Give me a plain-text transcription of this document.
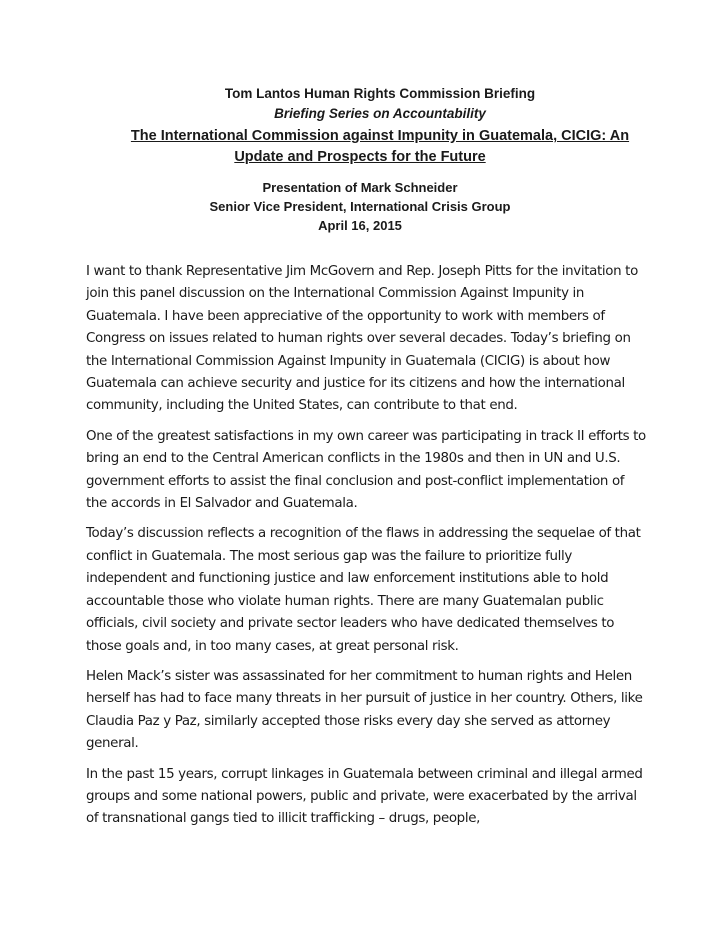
Tom Lantos Human Rights Commission Briefing
Briefing Series on Accountability
The International Commission against Impunity in Guatemala, CICIG: An

Update and Prospects for the Future
Presentation of Mark Schneider
Senior Vice President, International Crisis Group
April 16, 2015

I want to thank Representative Jim McGovern and Rep. Joseph Pitts for the invitation to join this panel discussion on the International Commission Against Impunity in Guatemala. I have been appreciative of the opportunity to work with members of Congress on issues related to human rights over several decades. Today’s briefing on the International Commission Against Impunity in Guatemala (CICIG) is about how Guatemala can achieve security and justice for its citizens and how the international community, including the United States, can contribute to that end.

One of the greatest satisfactions in my own career was participating in track II efforts to bring an end to the Central American conflicts in the 1980s and then in UN and U.S. government efforts to assist the final conclusion and post-conflict implementation of the accords in El Salvador and Guatemala.

Today’s discussion reflects a recognition of the flaws in addressing the sequelae of that conflict in Guatemala. The most serious gap was the failure to prioritize fully independent and functioning justice and law enforcement institutions able to hold accountable those who violate human rights. There are many Guatemalan public officials, civil society and private sector leaders who have dedicated themselves to those goals and, in too many cases, at great personal risk.

Helen Mack’s sister was assassinated for her commitment to human rights and Helen herself has had to face many threats in her pursuit of justice in her country. Others, like Claudia Paz y Paz, similarly accepted those risks every day she served as attorney general.

In the past 15 years, corrupt linkages in Guatemala between criminal and illegal armed groups and some national powers, public and private, were exacerbated by the arrival of transnational gangs tied to illicit trafficking – drugs, people,
